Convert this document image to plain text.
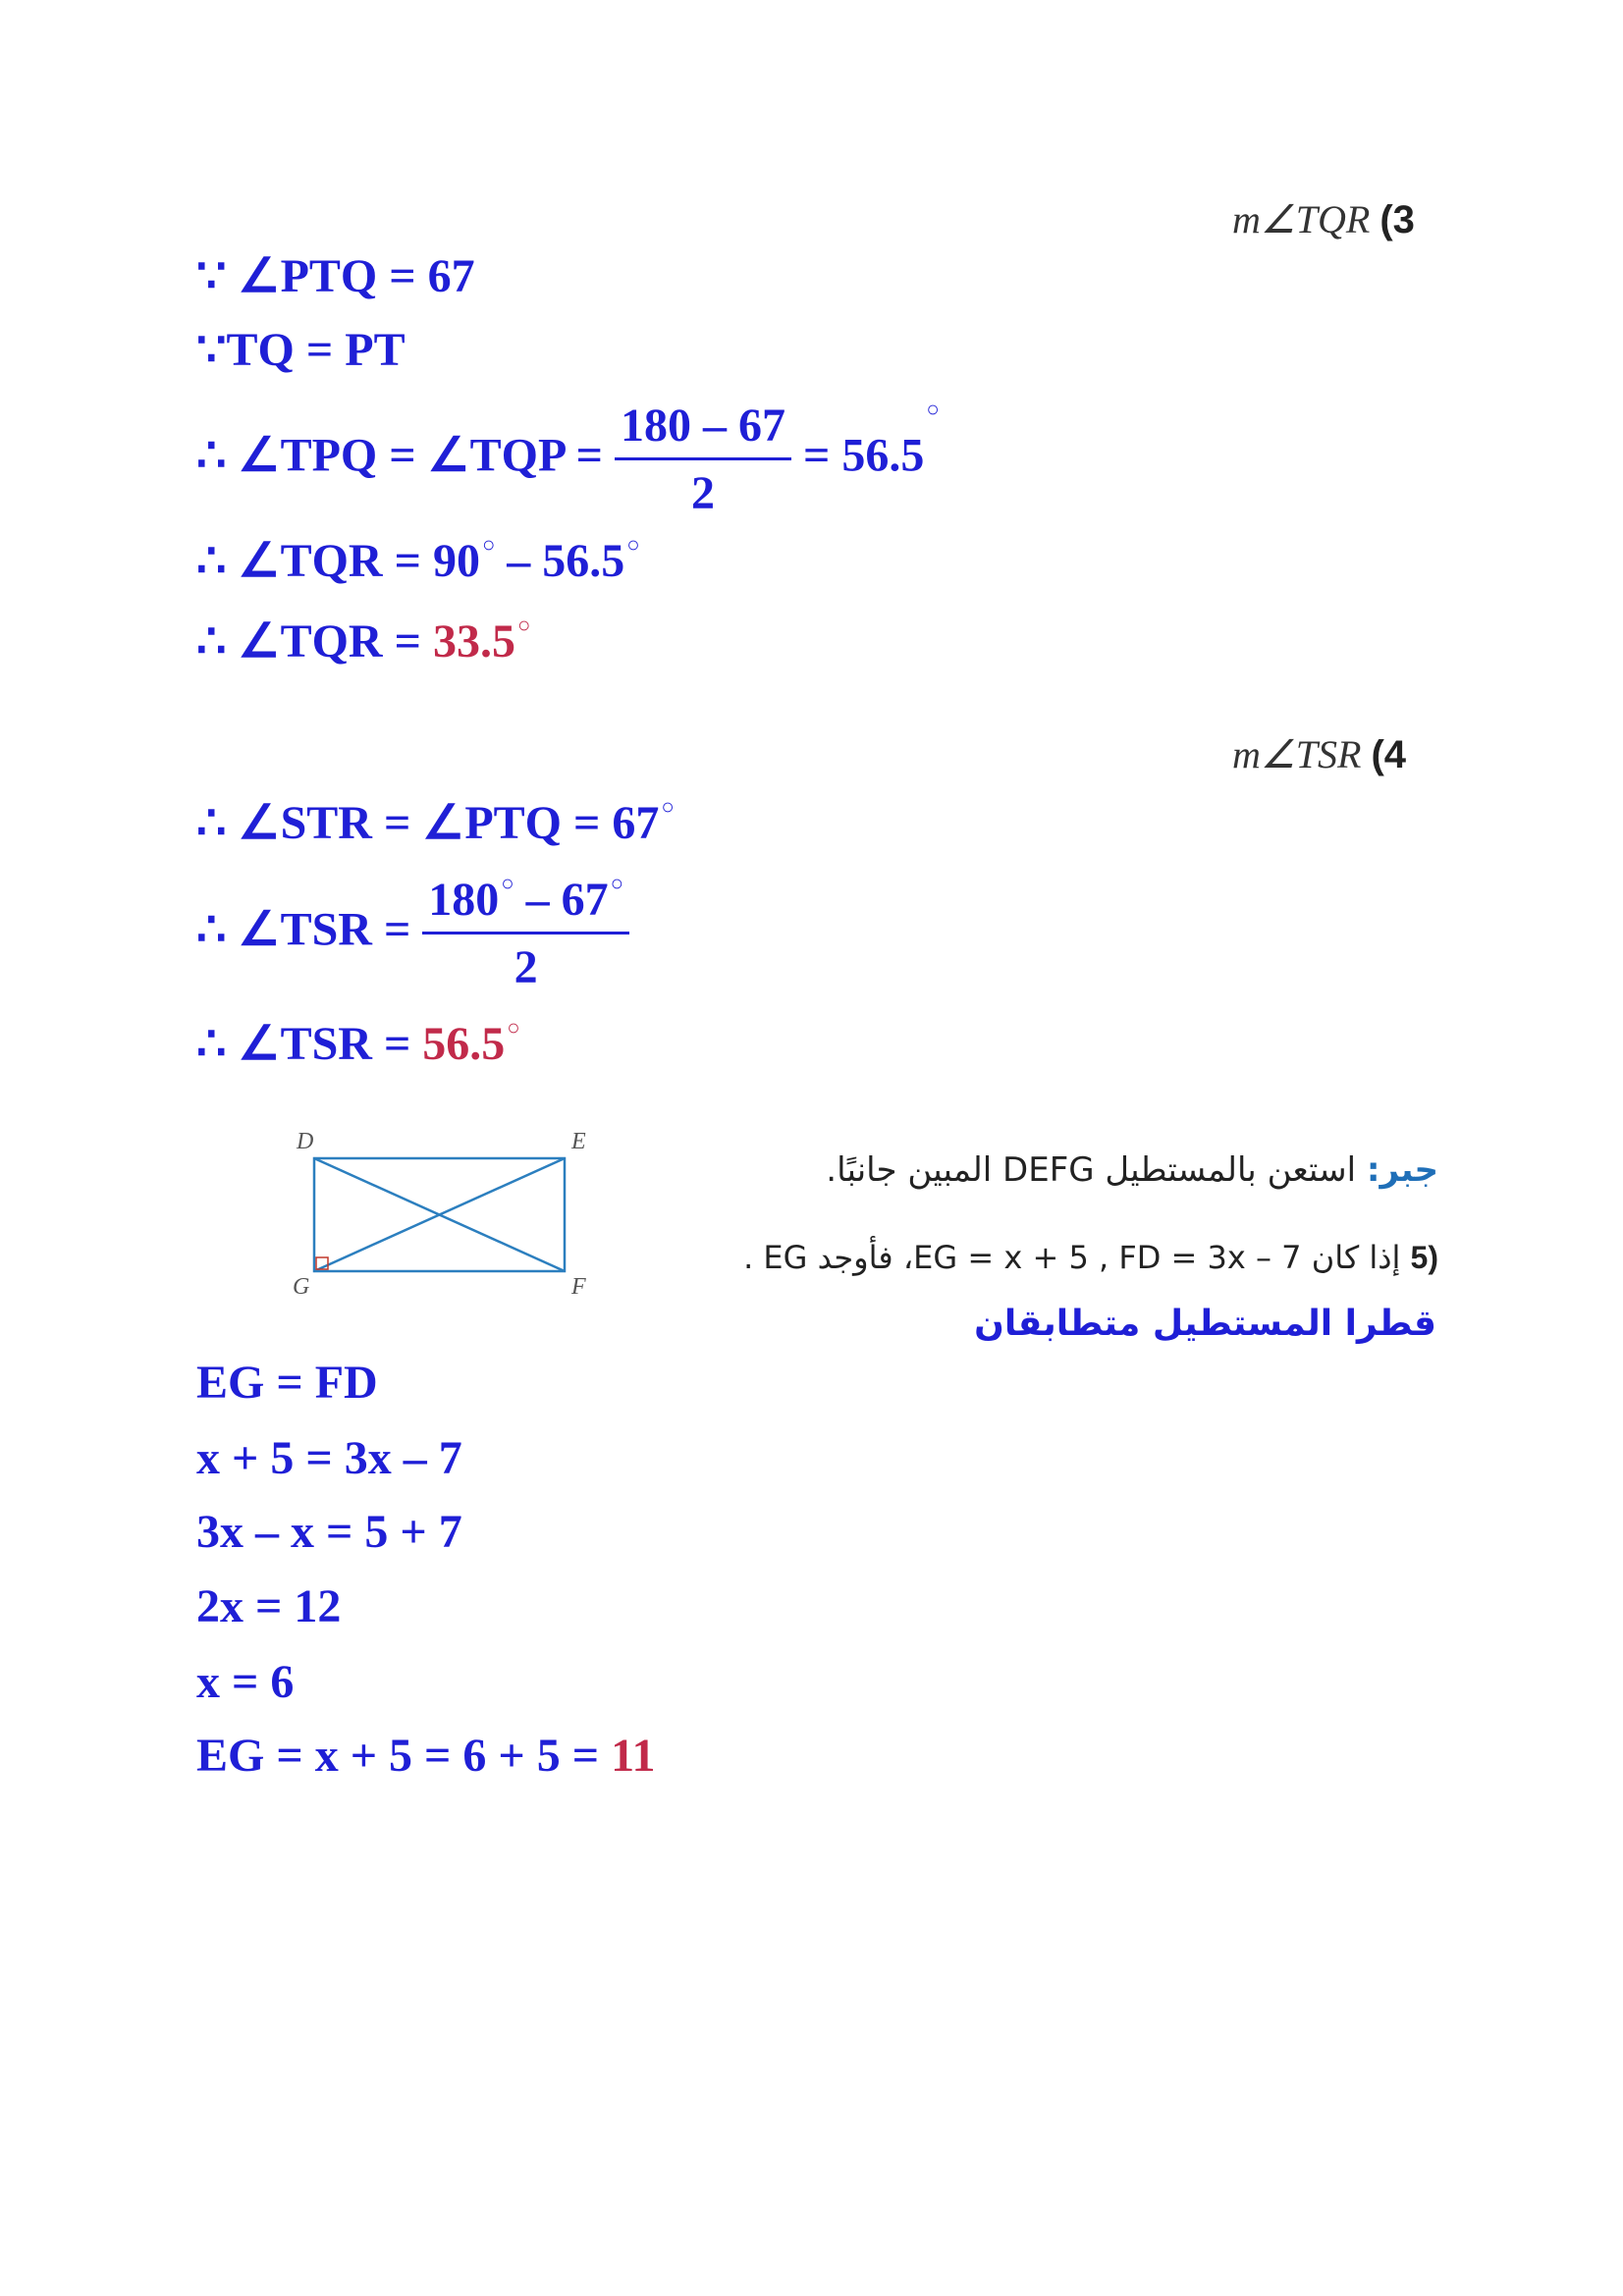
m∠TQR (3
∵ ∠PTQ = 67
∵TQ = PT
∴ ∠TPQ = ∠TQP = $\frac{180 - 67}{2} = 56.5^○$
∴ ∠TQR = 90○ – 56.5○
∴ ∠TQR = 33.5○
m∠TSR (4
∴ ∠STR = ∠PTQ = 67○
∴ ∠TSR = $\frac{180^○ - 67^○}{2}$
∴ ∠TSR = 56.5○
D	E
F
G
جبر: استعن بالمستطيل DEFG المبين جانبًا.
(5 إذا كان EG = x + 5 , FD = 3x – 7، فأوجد EG .
قطرا المستطيل متطابقان
EG = FD
x + 5 = 3x – 7
3x – x = 5 + 7
2x = 12
x = 6
EG = x + 5 = 6 + 5 = 11
